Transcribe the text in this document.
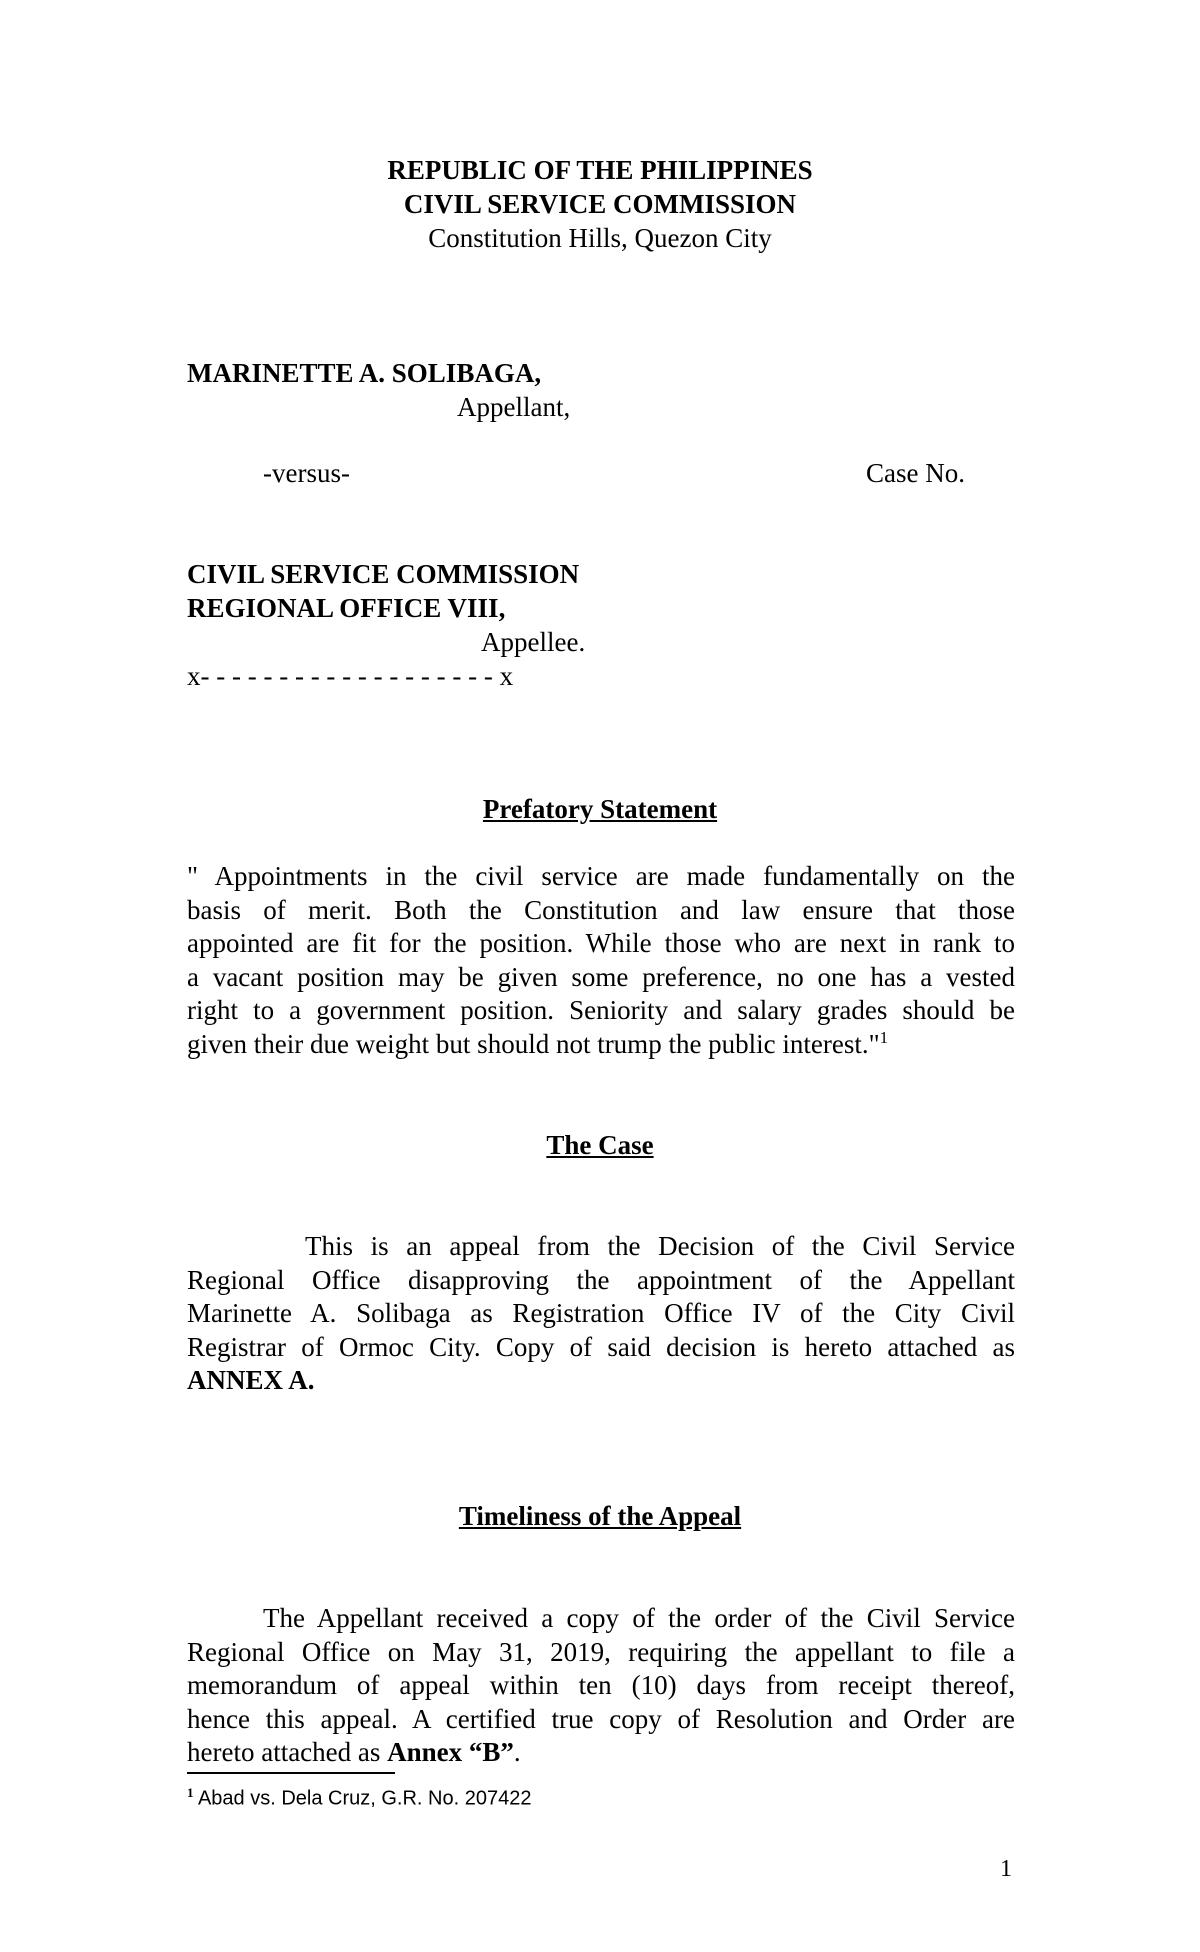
REPUBLIC OF THE PHILIPPINES
CIVIL SERVICE COMMISSION
Constitution Hills, Quezon City
MARINETTE A. SOLIBAGA,
Appellant,
-versus-	Case No.
CIVIL SERVICE COMMISSION
REGIONAL OFFICE VIII,
Appellee.
x- - - - - - - - - - - - - - - - - - - x
Prefatory Statement
" Appointments in the civil service are made fundamentally on the
basis of merit. Both the Constitution and law ensure that those
appointed are fit for the position. While those who are next in rank to
a vacant position may be given some preference, no one has a vested
right to a government position. Seniority and salary grades should be
given their due weight but should not trump the public interest."$^1$
The Case
This is an appeal from the Decision of the Civil Service
Regional Office disapproving the appointment of the Appellant
Marinette A. Solibaga as Registration Office IV of the City Civil
Registrar of Ormoc City. Copy of said decision is hereto attached as
ANNEX A.
Timeliness of the Appeal
The Appellant received a copy of the order of the Civil Service
Regional Office on May 31, 2019, requiring the appellant to file a
memorandum of appeal within ten (10) days from receipt thereof,
hence this appeal. A certified true copy of Resolution and Order are
hereto attached as Annex “B”.
$^1$ Abad vs. Dela Cruz, G.R. No. 207422
1
